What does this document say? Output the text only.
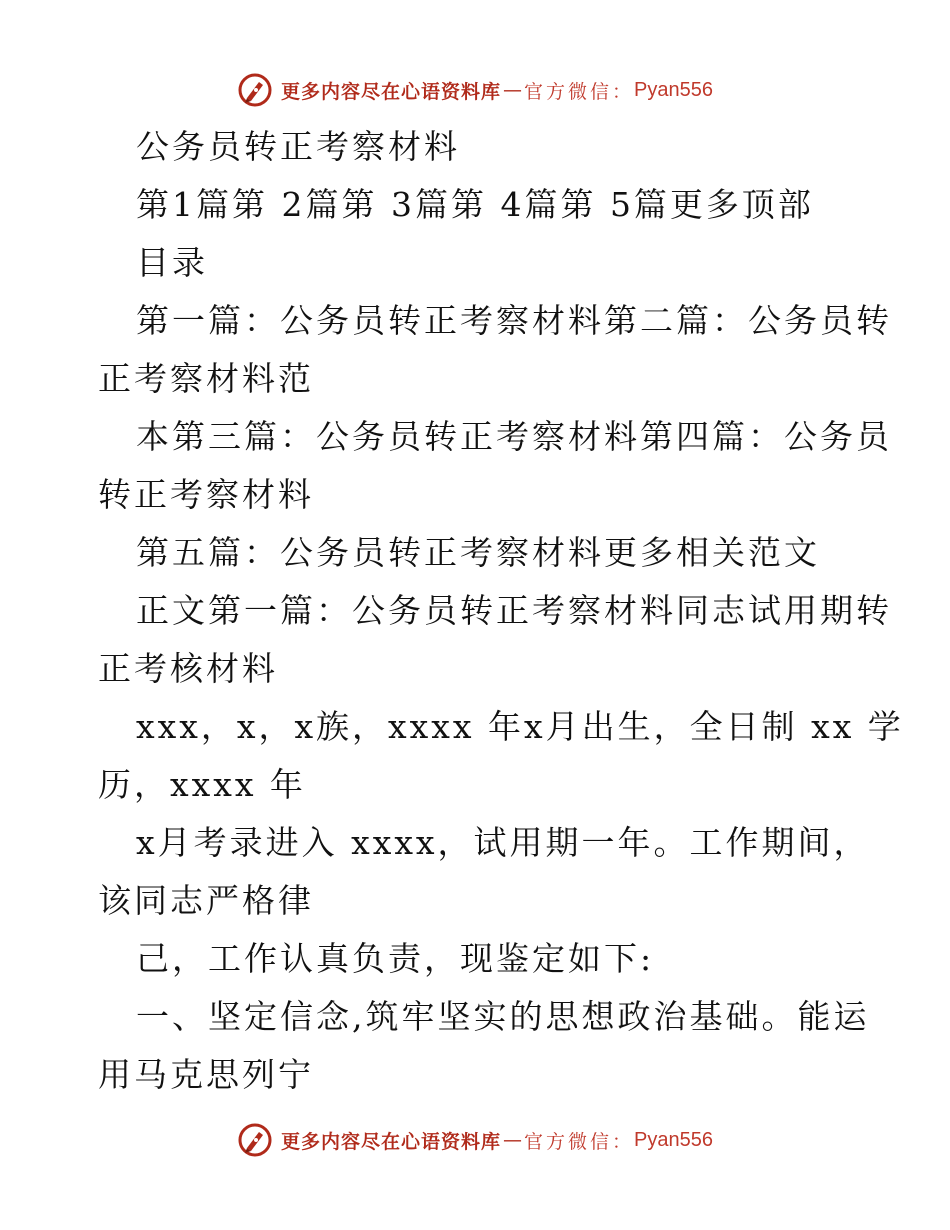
更多内容尽在心语资料库 — 官方微信： Pyan556
公务员转正考察材料
第1篇第 2篇第 3篇第 4篇第 5篇更多顶部
目录
第一篇：公务员转正考察材料第二篇：公务员转
正考察材料范
本第三篇：公务员转正考察材料第四篇：公务员
转正考察材料
第五篇：公务员转正考察材料更多相关范文
正文第一篇：公务员转正考察材料同志试用期转
正考核材料
xxx，x，x族，xxxx 年x月出生，全日制 xx 学
历，xxxx 年
x月考录进入 xxxx，试用期一年。工作期间，
该同志严格律
己，工作认真负责，现鉴定如下:
一、坚定信念,筑牢坚实的思想政治基础。能运
用马克思列宁
更多内容尽在心语资料库 — 官方微信： Pyan556
